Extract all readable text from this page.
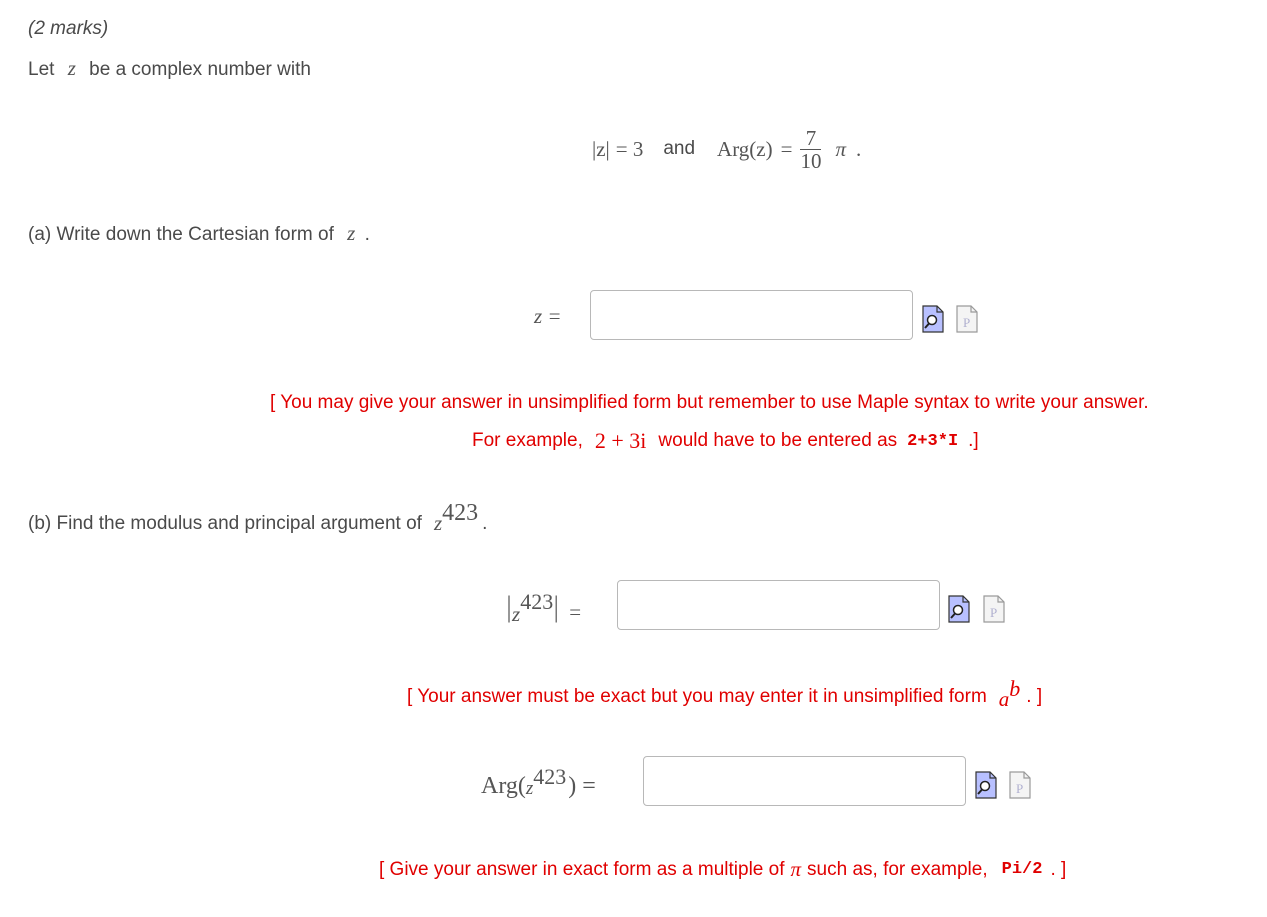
(2 marks)
Let z be a complex number with
|z| = 3 and $Arg(z) = \frac{7}{10}$ π .
(a) Write down the Cartesian form of z .
z =	P
[ You may give your answer in unsimplified form but remember to use Maple syntax to write your answer.
For example, 2 + 3i would have to be entered as 2+3*I .]
(b) Find the modulus and principal argument of $z^{423}$ .
| z 423 | =	P
[ Your answer must be exact but you may enter it in unsimplified form $a^b$ . ]
Arg( z 423 ) =	P
[ Give your answer in exact form as a multiple of π such as, for example, Pi/2 . ]
